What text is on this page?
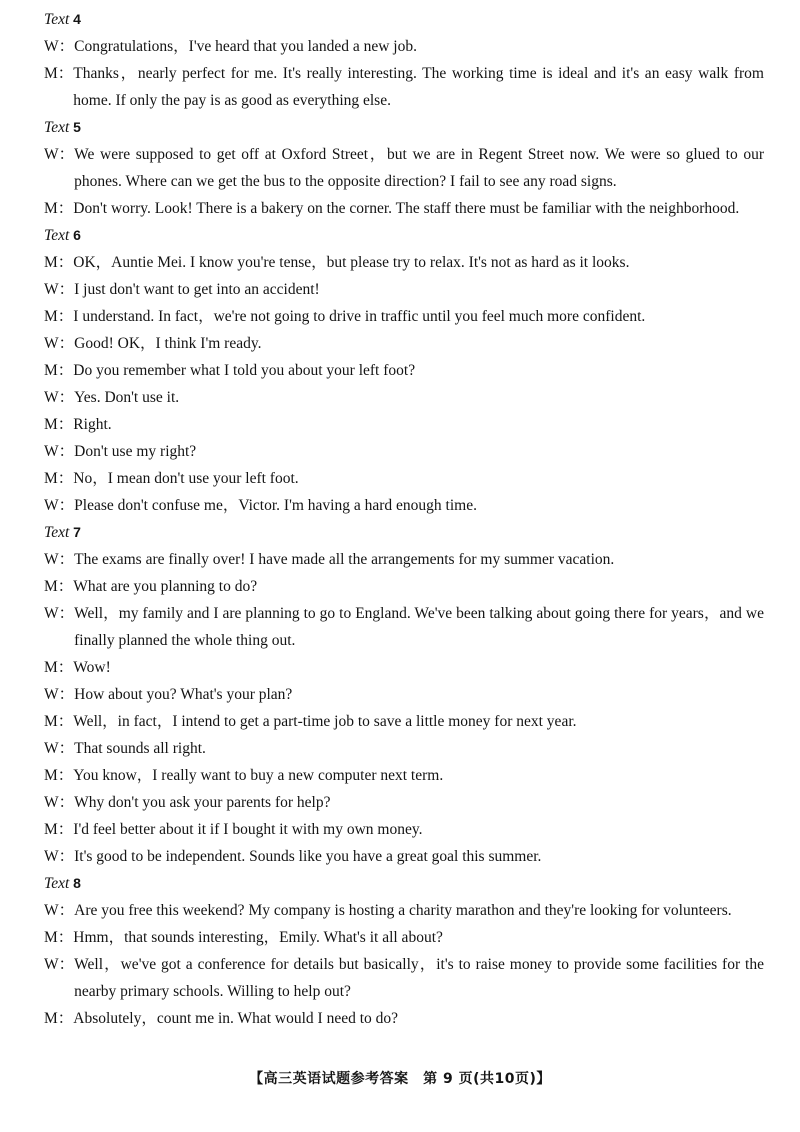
Text 4
W： Congratulations，I've heard that you landed a new job.
M： Thanks，nearly perfect for me. It's really interesting. The working time is ideal and it's an easy walk from home. If only the pay is as good as everything else.
Text 5
W： We were supposed to get off at Oxford Street，but we are in Regent Street now. We were so glued to our phones. Where can we get the bus to the opposite direction? I fail to see any road signs.
M： Don't worry. Look! There is a bakery on the corner. The staff there must be familiar with the neighborhood.
Text 6
M： OK，Auntie Mei. I know you're tense，but please try to relax. It's not as hard as it looks.
W： I just don't want to get into an accident!
M： I understand. In fact，we're not going to drive in traffic until you feel much more confident.
W： Good! OK，I think I'm ready.
M： Do you remember what I told you about your left foot?
W： Yes. Don't use it.
M： Right.
W： Don't use my right?
M： No，I mean don't use your left foot.
W： Please don't confuse me，Victor. I'm having a hard enough time.
Text 7
W： The exams are finally over! I have made all the arrangements for my summer vacation.
M： What are you planning to do?
W： Well，my family and I are planning to go to England. We've been talking about going there for years，and we finally planned the whole thing out.
M： Wow!
W： How about you? What's your plan?
M： Well，in fact，I intend to get a part-time job to save a little money for next year.
W： That sounds all right.
M： You know，I really want to buy a new computer next term.
W： Why don't you ask your parents for help?
M： I'd feel better about it if I bought it with my own money.
W： It's good to be independent. Sounds like you have a great goal this summer.
Text 8
W： Are you free this weekend? My company is hosting a charity marathon and they're looking for volunteers.
M： Hmm，that sounds interesting，Emily. What's it all about?
W： Well，we've got a conference for details but basically，it's to raise money to provide some facilities for the nearby primary schools. Willing to help out?
M： Absolutely，count me in. What would I need to do?
【高三英语试题参考答案　第 9 页(共10页)】
